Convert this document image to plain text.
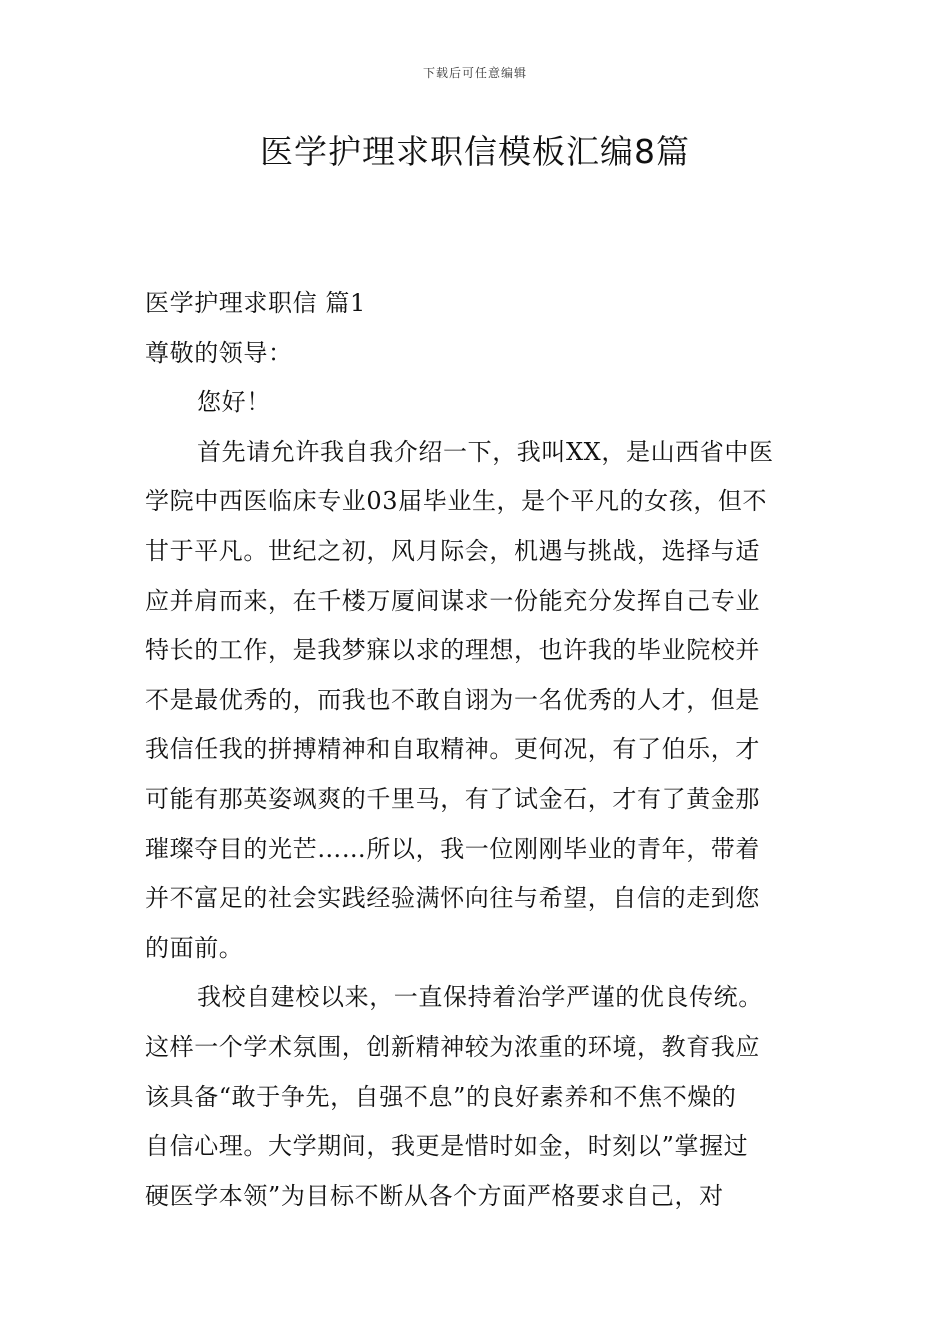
下载后可任意编辑
医学护理求职信模板汇编8篇
医学护理求职信 篇1
尊敬的领导：
您好！
首先请允许我自我介绍一下，我叫XX，是山西省中医
学院中西医临床专业03届毕业生，是个平凡的女孩，但不
甘于平凡。世纪之初，风月际会，机遇与挑战，选择与适
应并肩而来，在千楼万厦间谋求一份能充分发挥自己专业
特长的工作，是我梦寐以求的理想，也许我的毕业院校并
不是最优秀的，而我也不敢自诩为一名优秀的人才，但是
我信任我的拼搏精神和自取精神。更何况，有了伯乐，才
可能有那英姿飒爽的千里马，有了试金石，才有了黄金那
璀璨夺目的光芒……所以，我一位刚刚毕业的青年，带着
并不富足的社会实践经验满怀向往与希望，自信的走到您
的面前。
我校自建校以来，一直保持着治学严谨的优良传统。
这样一个学术氛围，创新精神较为浓重的环境，教育我应
该具备“敢于争先，自强不息”的良好素养和不焦不燥的
自信心理。大学期间，我更是惜时如金，时刻以”掌握过
硬医学本领”为目标不断从各个方面严格要求自己，对
